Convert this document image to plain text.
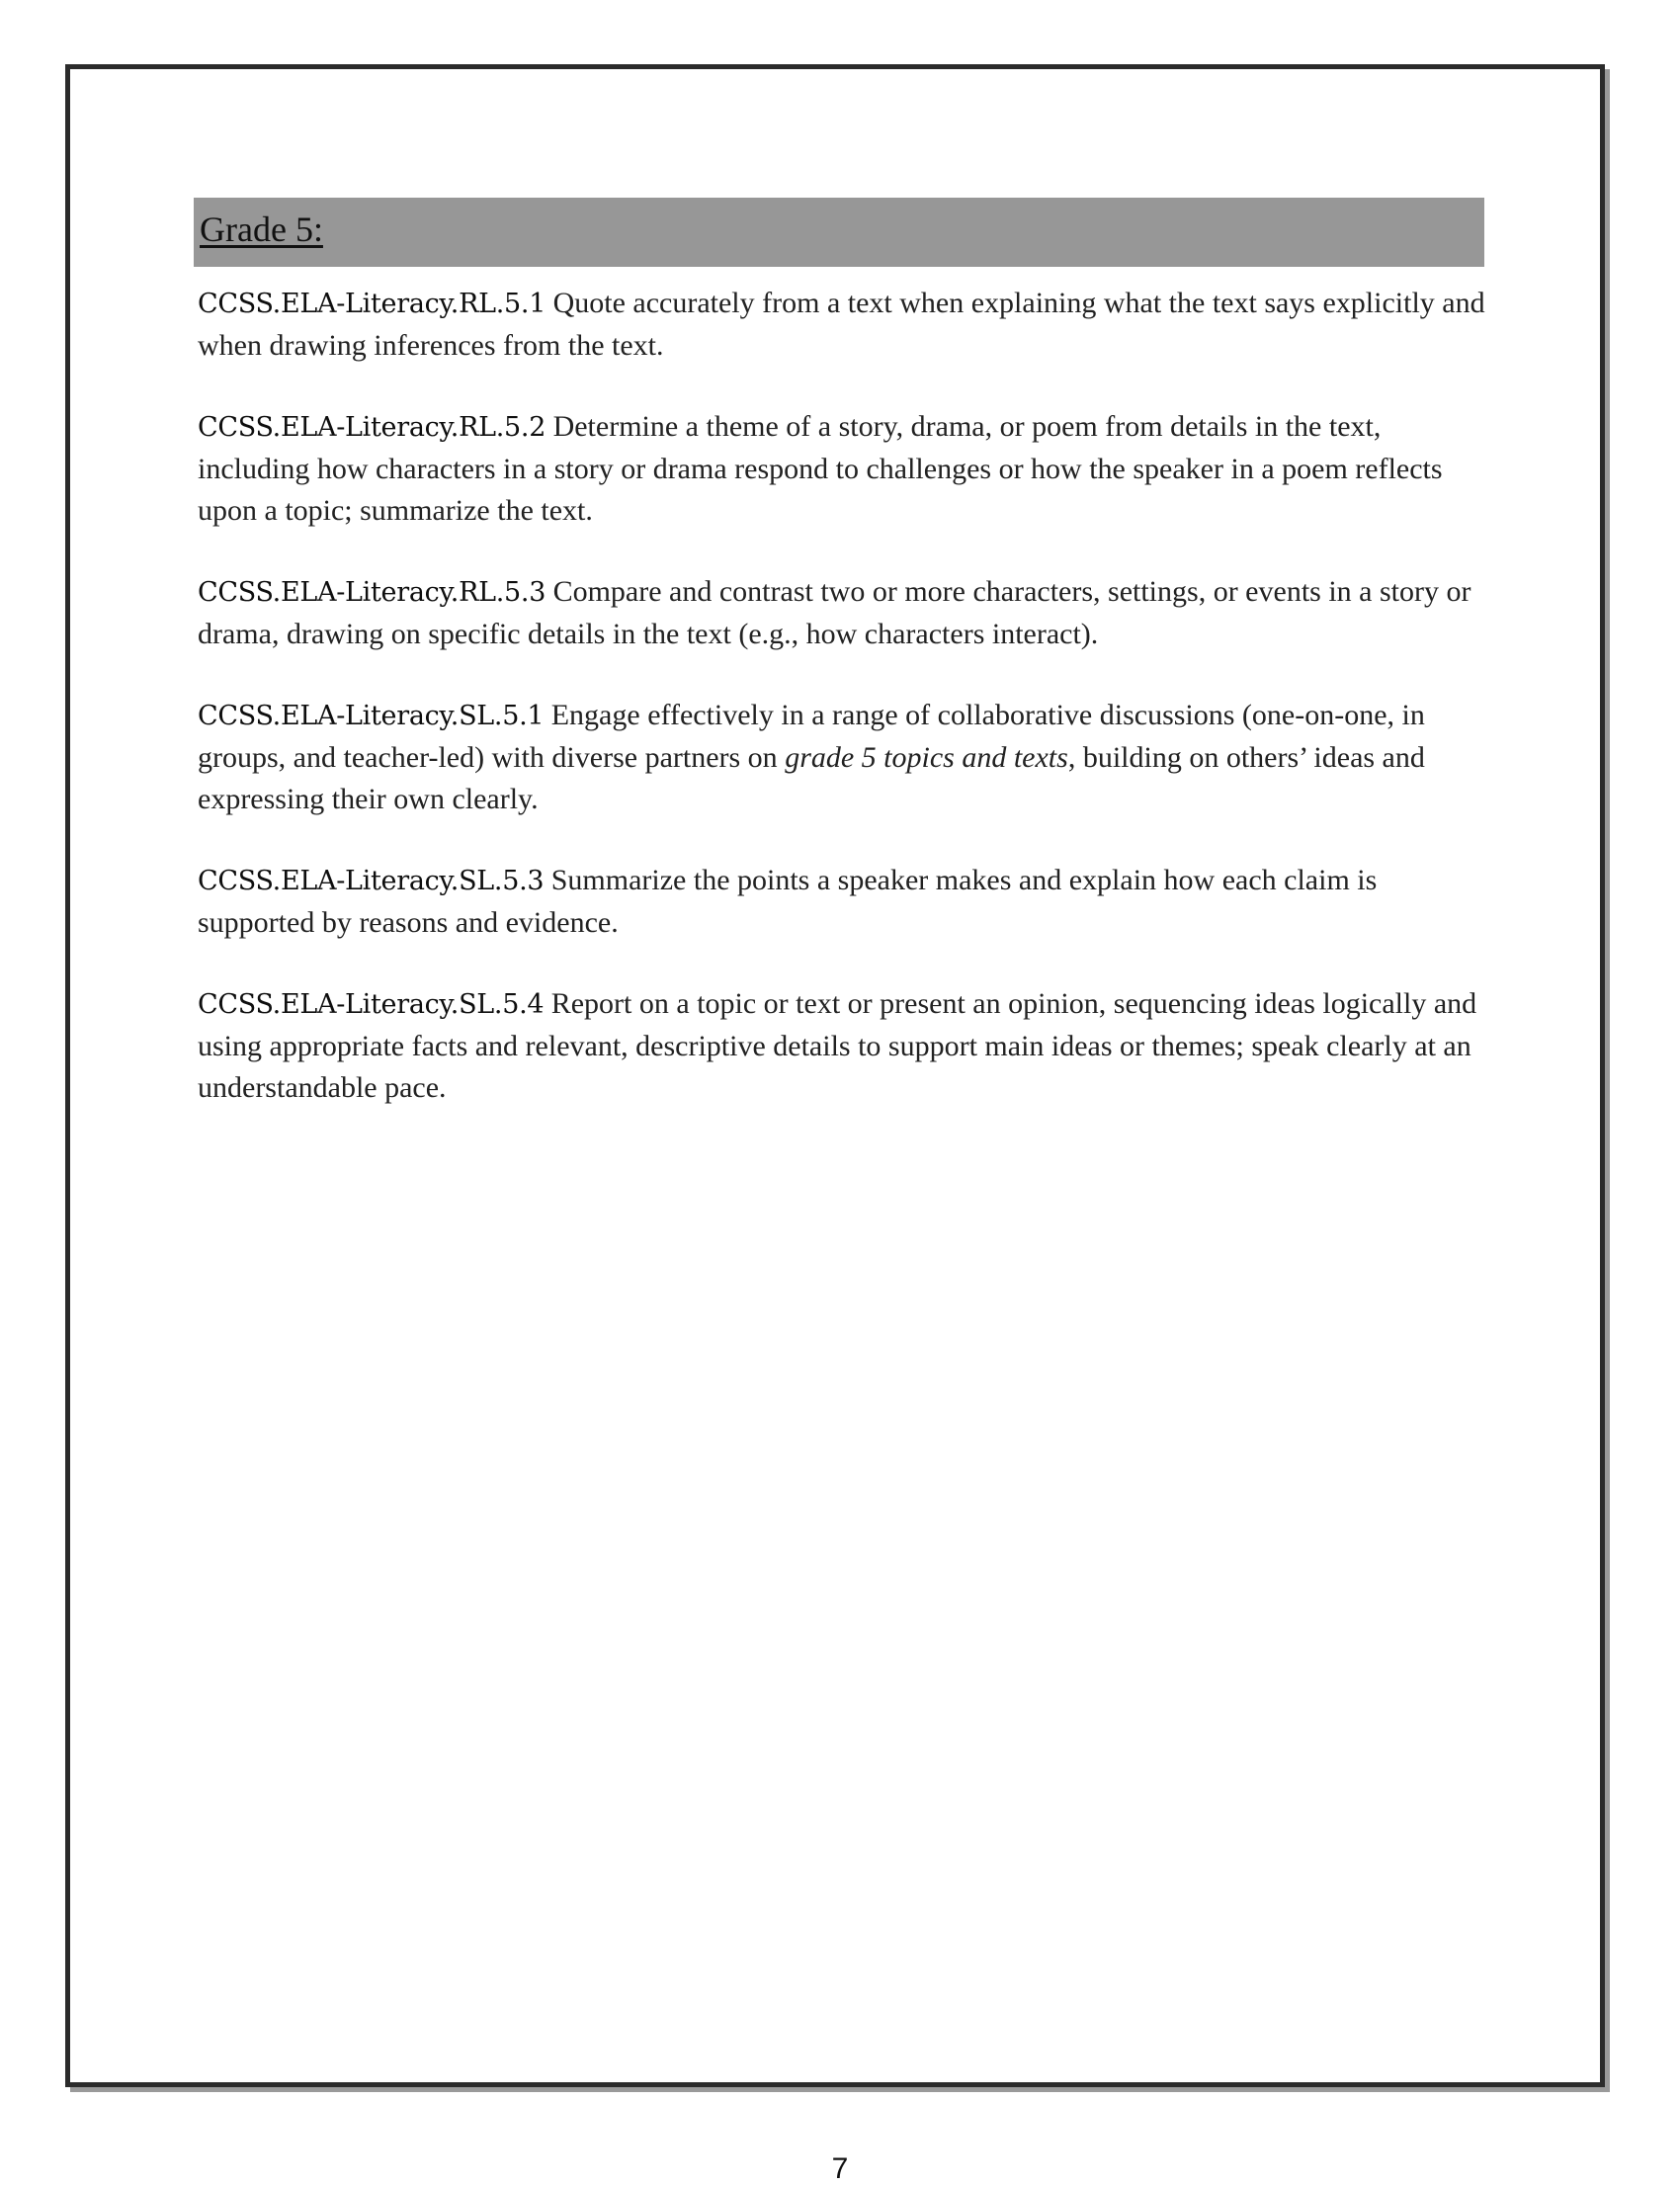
Grade 5:

CCSS.ELA-Literacy.RL.5.1 Quote accurately from a text when explaining what the text says explicitly and when drawing inferences from the text.

CCSS.ELA-Literacy.RL.5.2 Determine a theme of a story, drama, or poem from details in the text, including how characters in a story or drama respond to challenges or how the speaker in a poem reflects upon a topic; summarize the text.

CCSS.ELA-Literacy.RL.5.3 Compare and contrast two or more characters, settings, or events in a story or drama, drawing on specific details in the text (e.g., how characters interact).

CCSS.ELA-Literacy.SL.5.1 Engage effectively in a range of collaborative discussions (one-on-one, in groups, and teacher-led) with diverse partners on grade 5 topics and texts, building on others’ ideas and expressing their own clearly.

CCSS.ELA-Literacy.SL.5.3 Summarize the points a speaker makes and explain how each claim is supported by reasons and evidence.

CCSS.ELA-Literacy.SL.5.4 Report on a topic or text or present an opinion, sequencing ideas logically and using appropriate facts and relevant, descriptive details to support main ideas or themes; speak clearly at an understandable pace.

7
